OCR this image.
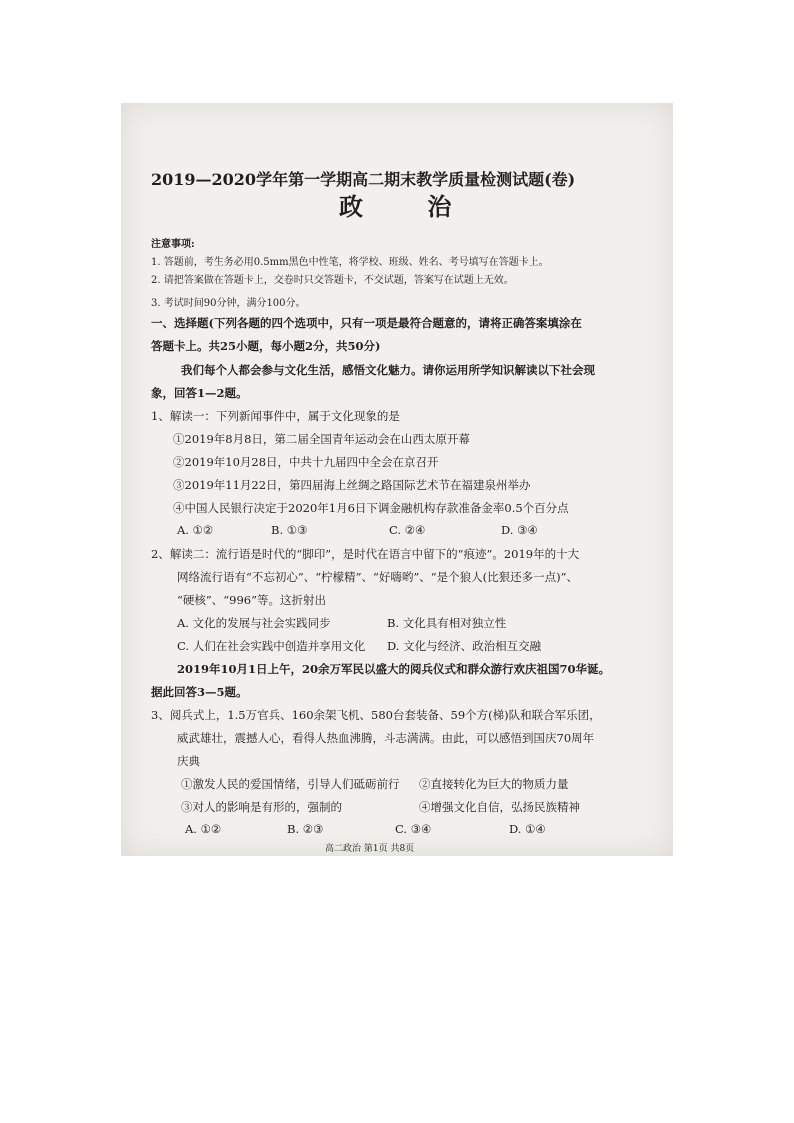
2019—2020学年第一学期高二期末教学质量检测试题(卷)
政 治
注意事项:
1. 答题前，考生务必用0.5mm黑色中性笔，将学校、班级、姓名、考号填写在答题卡上。
2. 请把答案做在答题卡上，交卷时只交答题卡，不交试题，答案写在试题上无效。
3. 考试时间90分钟，满分100分。
一、选择题(下列各题的四个选项中，只有一项是最符合题意的，请将正确答案填涂在
答题卡上。共25小题，每小题2分，共50分)
我们每个人都会参与文化生活，感悟文化魅力。请你运用所学知识解读以下社会现
象，回答1—2题。
1、解读一：下列新闻事件中，属于文化现象的是
①2019年8月8日，第二届全国青年运动会在山西太原开幕
②2019年10月28日，中共十九届四中全会在京召开
③2019年11月22日，第四届海上丝绸之路国际艺术节在福建泉州举办
④中国人民银行决定于2020年1月6日下调金融机构存款准备金率0.5个百分点
A. ①②	B. ①③	C. ②④	D. ③④
2、解读二：流行语是时代的“脚印”，是时代在语言中留下的“痕迹”。2019年的十大
网络流行语有“不忘初心”、“柠檬精”、“好嗨哟”、“是个狼人(比狠还多一点)”、
“硬核”、“996”等。这折射出
A. 文化的发展与社会实践同步	B. 文化具有相对独立性
C. 人们在社会实践中创造并享用文化 D. 文化与经济、政治相互交融
2019年10月1日上午，20余万军民以盛大的阅兵仪式和群众游行欢庆祖国70华诞。
据此回答3—5题。
3、阅兵式上，1.5万官兵、160余架飞机、580台套装备、59个方(梯)队和联合军乐团，
威武雄壮，震撼人心，看得人热血沸腾，斗志满满。由此，可以感悟到国庆70周年
庆典
①激发人民的爱国情绪，引导人们砥砺前行 ②直接转化为巨大的物质力量
③对人的影响是有形的，强制的	④增强文化自信，弘扬民族精神
A. ①②	B. ②③	C. ③④	D. ①④
高二政治 第1页 共8页
